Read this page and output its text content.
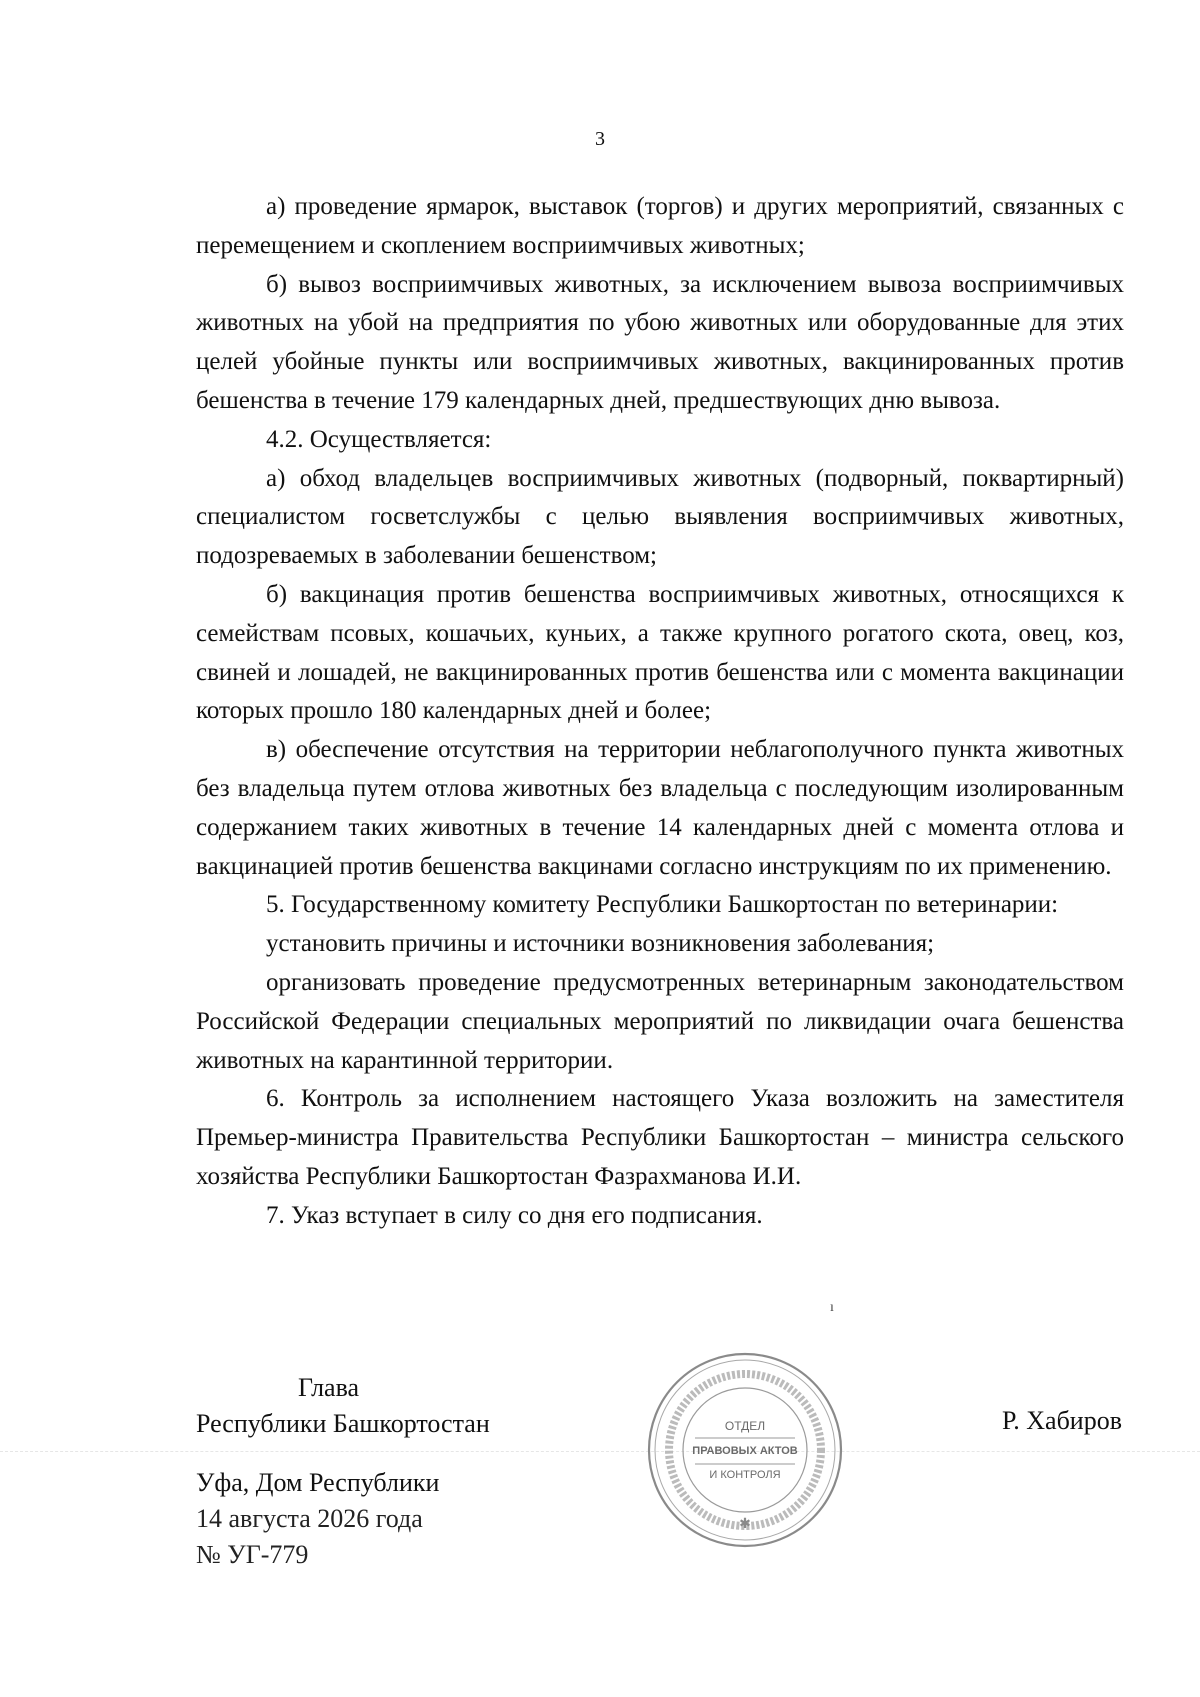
3

а) проведение ярмарок, выставок (торгов) и других мероприятий, связанных с перемещением и скоплением восприимчивых животных;

б) вывоз восприимчивых животных, за исключением вывоза восприимчивых животных на убой на предприятия по убою животных или оборудованные для этих целей убойные пункты или восприимчивых животных, вакцинированных против бешенства в течение 179 календарных дней, предшествующих дню вывоза.

4.2. Осуществляется:

а) обход владельцев восприимчивых животных (подворный, поквартирный) специалистом госветслужбы с целью выявления восприимчивых животных, подозреваемых в заболевании бешенством;

б) вакцинация против бешенства восприимчивых животных, относящихся к семействам псовых, кошачьих, куньих, а также крупного рогатого скота, овец, коз, свиней и лошадей, не вакцинированных против бешенства или с момента вакцинации которых прошло 180 календарных дней и более;

в) обеспечение отсутствия на территории неблагополучного пункта животных без владельца путем отлова животных без владельца с последующим изолированным содержанием таких животных в течение 14 календарных дней с момента отлова и вакцинацией против бешенства вакцинами согласно инструкциям по их применению.

5. Государственному комитету Республики Башкортостан по ветеринарии:

установить причины и источники возникновения заболевания;

организовать проведение предусмотренных ветеринарным законодательством Российской Федерации специальных мероприятий по ликвидации очага бешенства животных на карантинной территории.

6. Контроль за исполнением настоящего Указа возложить на заместителя Премьер-министра Правительства Республики Башкортостан – министра сельского хозяйства Республики Башкортостан Фазрахманова И.И.

7. Указ вступает в силу со дня его подписания.

ı
Глава
Республики Башкортостан	Р. Хабиров
Уфа, Дом Республики
14 августа 2026 года
№ УГ-779
ОТДЕЛ
ПРАВОВЫХ АКТОВ
И КОНТРОЛЯ
✱
